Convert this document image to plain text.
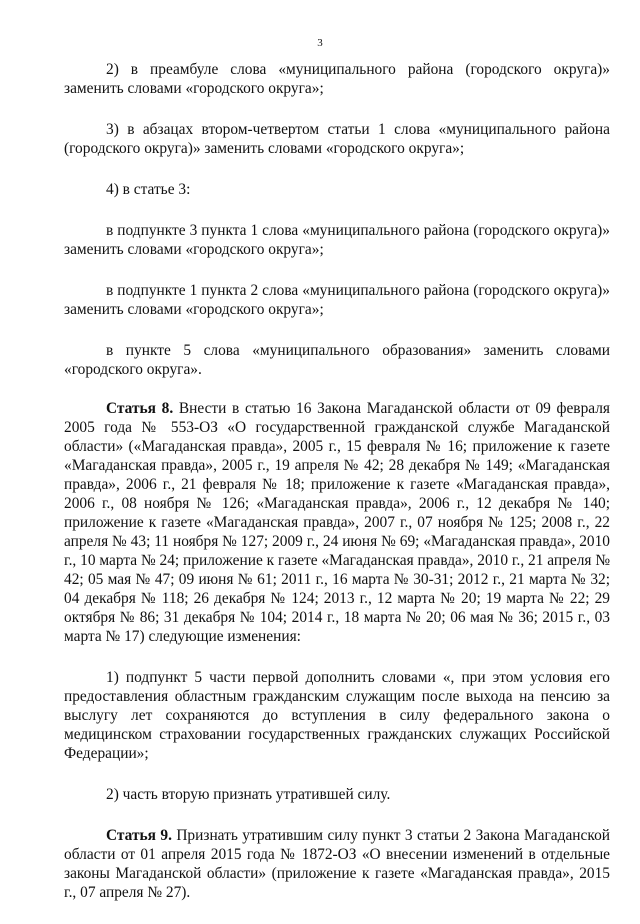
3

2) в преамбуле слова «муниципального района (городского округа)» заменить словами «городского округа»;

3) в абзацах втором-четвертом статьи 1 слова «муниципального района (городского округа)» заменить словами «городского округа»;

4) в статье 3:

в подпункте 3 пункта 1 слова «муниципального района (городского округа)» заменить словами «городского округа»;

в подпункте 1 пункта 2 слова «муниципального района (городского округа)» заменить словами «городского округа»;

в пункте 5 слова «муниципального образования» заменить словами «городского округа».

Статья 8. Внести в статью 16 Закона Магаданской области от 09 февраля 2005 года № 553-ОЗ «О государственной гражданской службе Магаданской области» («Магаданская правда», 2005 г., 15 февраля № 16; приложение к газете «Магаданская правда», 2005 г., 19 апреля № 42; 28 декабря № 149; «Магаданская правда», 2006 г., 21 февраля № 18; приложение к газете «Магаданская правда», 2006 г., 08 ноября № 126; «Магаданская правда», 2006 г., 12 декабря № 140; приложение к газете «Магаданская правда», 2007 г., 07 ноября № 125; 2008 г., 22 апреля № 43; 11 ноября № 127; 2009 г., 24 июня № 69; «Магаданская правда», 2010 г., 10 марта № 24; приложение к газете «Магаданская правда», 2010 г., 21 апреля № 42; 05 мая № 47; 09 июня № 61; 2011 г., 16 марта № 30-31; 2012 г., 21 марта № 32; 04 декабря № 118; 26 декабря № 124; 2013 г., 12 марта № 20; 19 марта № 22; 29 октября № 86; 31 декабря № 104; 2014 г., 18 марта № 20; 06 мая № 36; 2015 г., 03 марта № 17) следующие изменения:

1) подпункт 5 части первой дополнить словами «, при этом условия его предоставления областным гражданским служащим после выхода на пенсию за выслугу лет сохраняются до вступления в силу федерального закона о медицинском страховании государственных гражданских служащих Российской Федерации»;

2) часть вторую признать утратившей силу.

Статья 9. Признать утратившим силу пункт 3 статьи 2 Закона Магаданской области от 01 апреля 2015 года № 1872-ОЗ «О внесении изменений в отдельные законы Магаданской области» (приложение к газете «Магаданская правда», 2015 г., 07 апреля № 27).
